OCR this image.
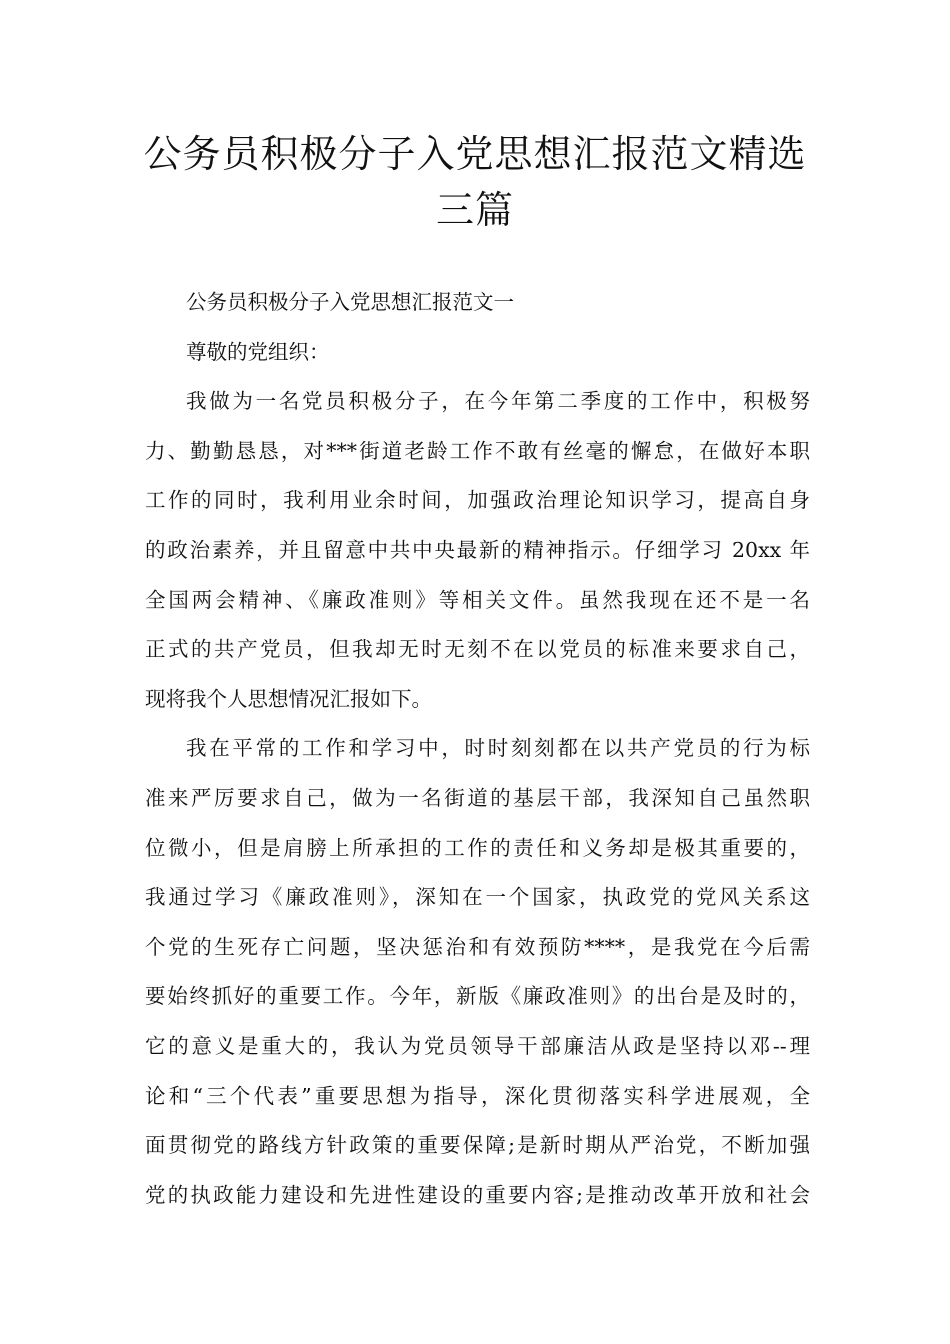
公务员积极分子入党思想汇报范文精选
三篇

公务员积极分子入党思想汇报范文一

尊敬的党组织：

我做为一名党员积极分子，在今年第二季度的工作中，积极努
力、勤勤恳恳，对***街道老龄工作不敢有丝毫的懈怠，在做好本职
工作的同时，我利用业余时间，加强政治理论知识学习，提高自身
的政治素养，并且留意中共中央最新的精神指示。仔细学习 20xx 年
全国两会精神、《廉政准则》等相关文件。虽然我现在还不是一名
正式的共产党员，但我却无时无刻不在以党员的标准来要求自己，
现将我个人思想情况汇报如下。

我在平常的工作和学习中，时时刻刻都在以共产党员的行为标
准来严厉要求自己，做为一名街道的基层干部，我深知自己虽然职
位微小，但是肩膀上所承担的工作的责任和义务却是极其重要的，
我通过学习《廉政准则》，深知在一个国家，执政党的党风关系这
个党的生死存亡问题，坚决惩治和有效预防****，是我党在今后需
要始终抓好的重要工作。今年，新版《廉政准则》的出台是及时的，
它的意义是重大的，我认为党员领导干部廉洁从政是坚持以邓--理
论和“三个代表”重要思想为指导，深化贯彻落实科学进展观，全
面贯彻党的路线方针政策的重要保障;是新时期从严治党，不断加强
党的执政能力建设和先进性建设的重要内容;是推动改革开放和社会
